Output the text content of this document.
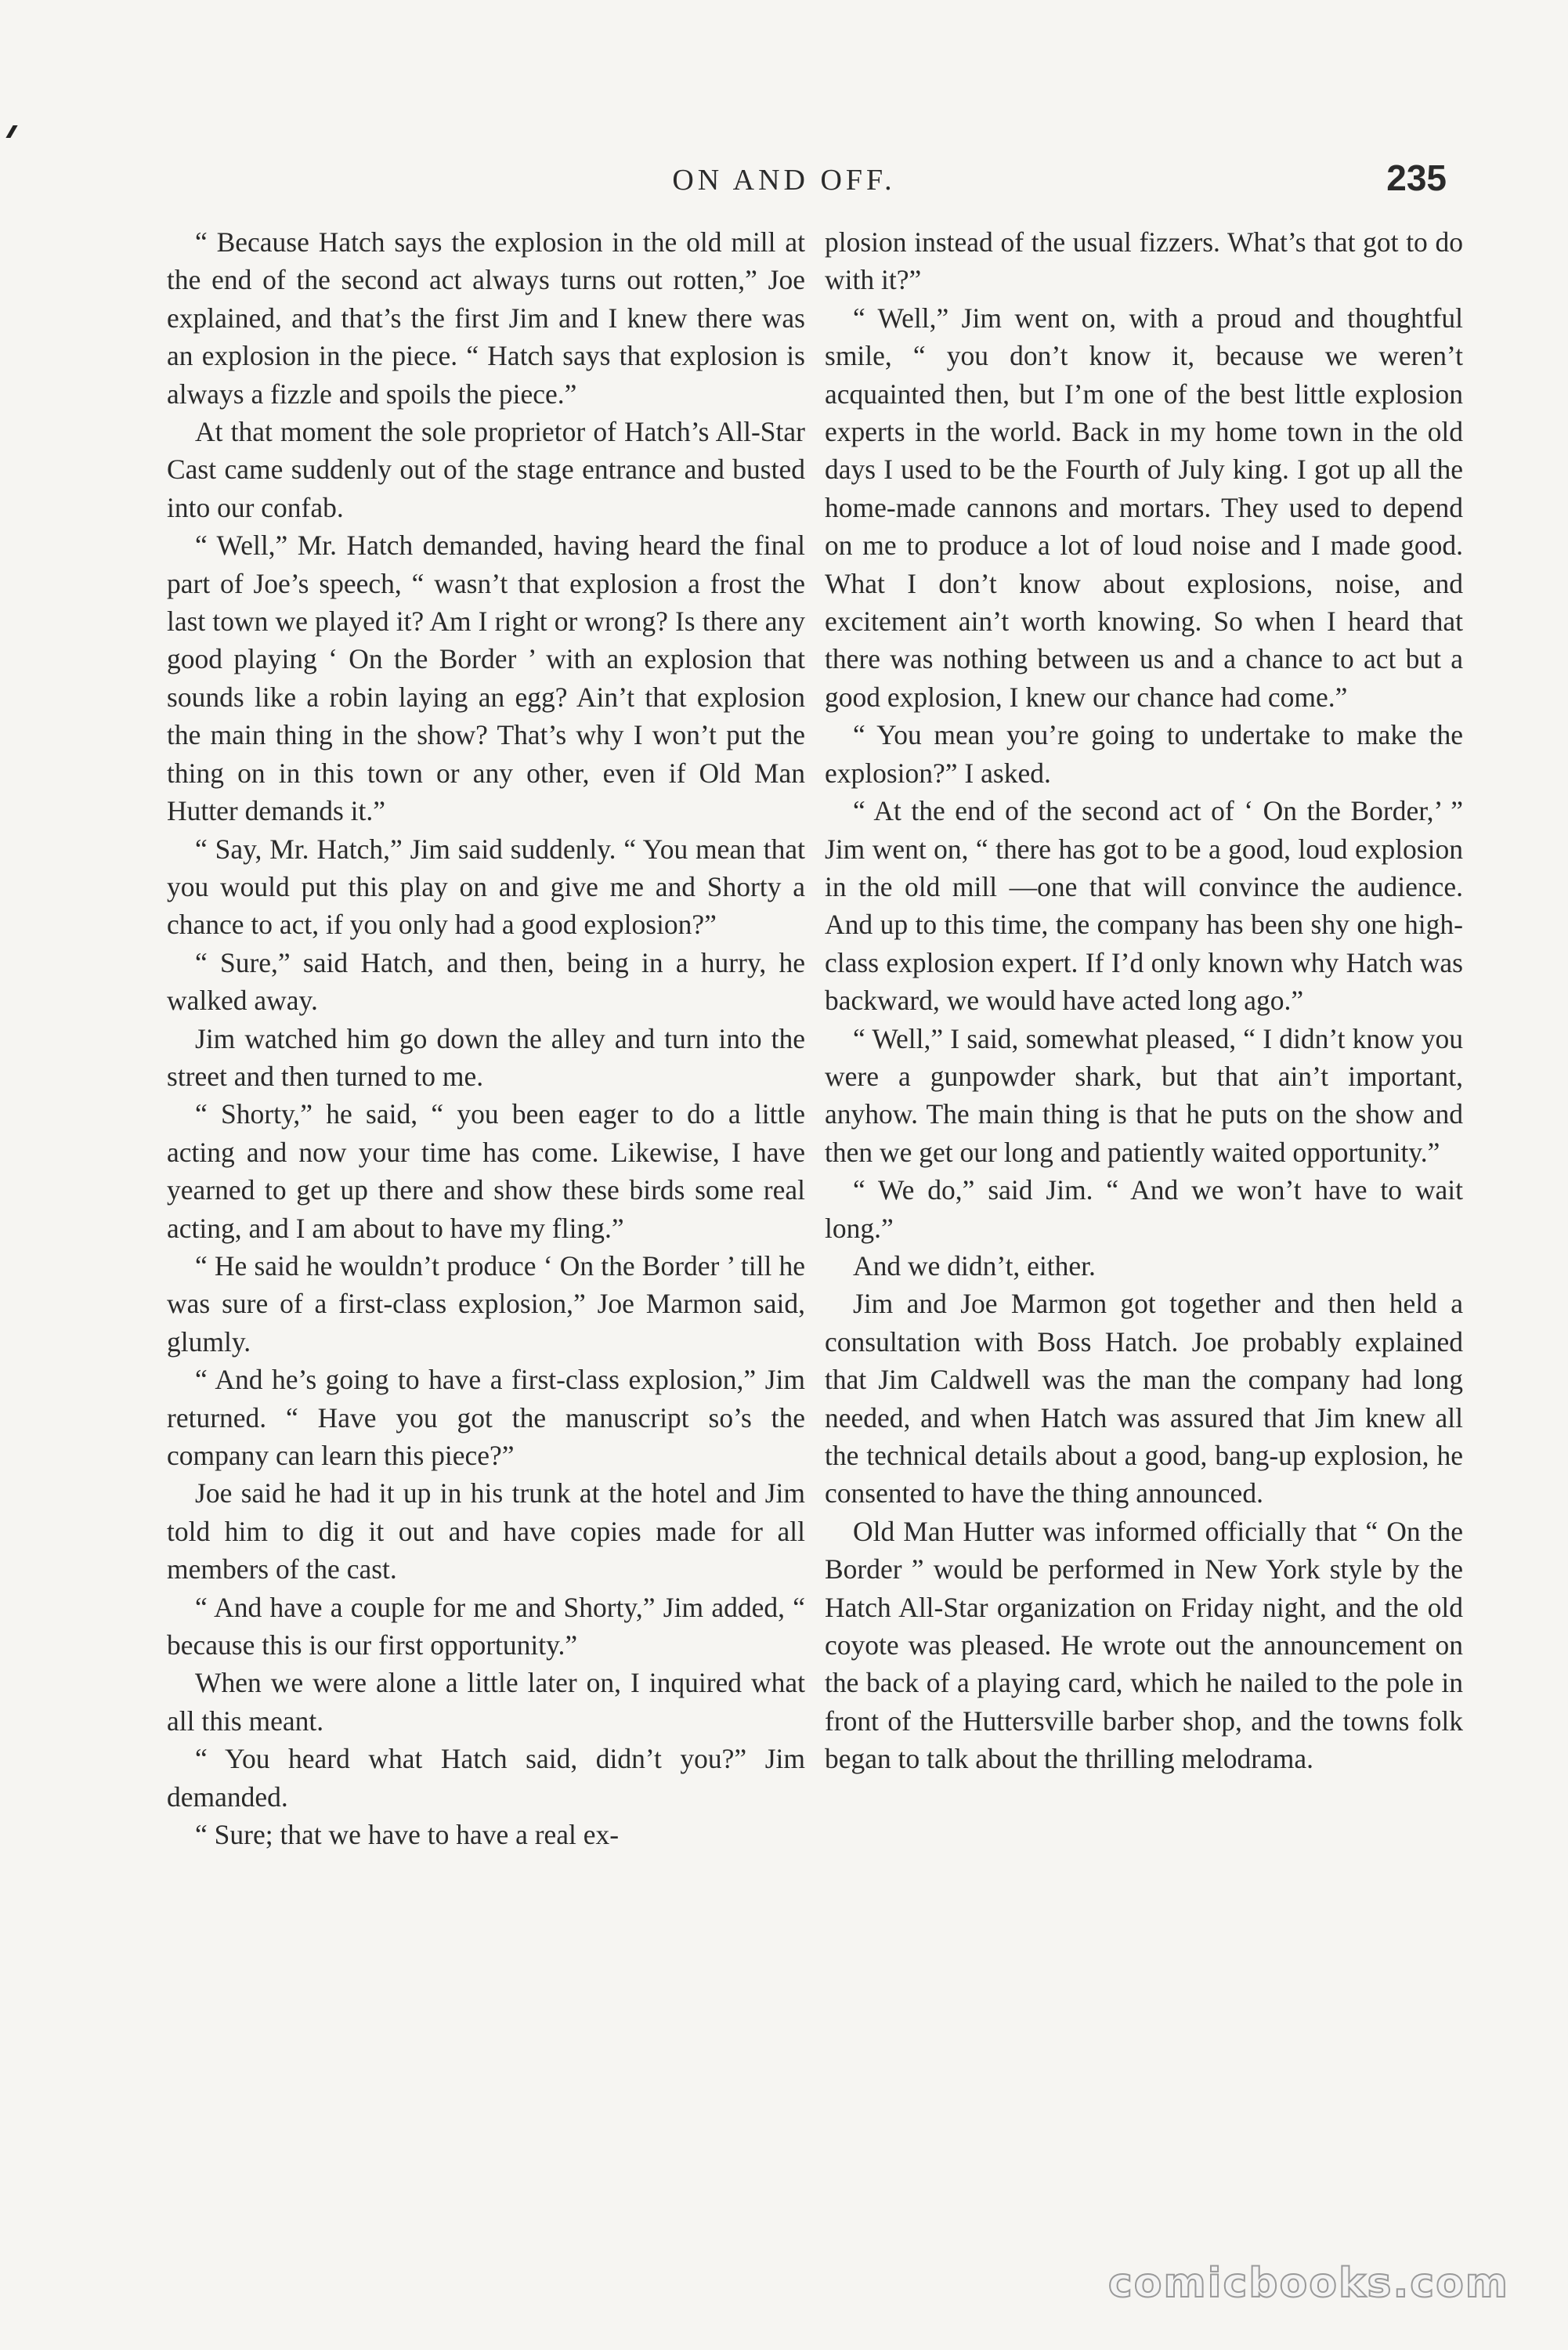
ON AND OFF.	235

“ Because Hatch says the explosion in the old mill at the end of the second act always turns out rotten,” Joe explained, and that’s the first Jim and I knew there was an explosion in the piece. “ Hatch says that explosion is always a fizzle and spoils the piece.”

At that moment the sole proprietor of Hatch’s All-Star Cast came suddenly out of the stage entrance and busted into our confab.

“ Well,” Mr. Hatch demanded, having heard the final part of Joe’s speech, “ wasn’t that explosion a frost the last town we played it? Am I right or wrong? Is there any good playing ‘ On the Border ’ with an explosion that sounds like a robin laying an egg? Ain’t that explosion the main thing in the show? That’s why I won’t put the thing on in this town or any other, even if Old Man Hutter demands it.”

“ Say, Mr. Hatch,” Jim said suddenly. “ You mean that you would put this play on and give me and Shorty a chance to act, if you only had a good explosion?”

“ Sure,” said Hatch, and then, being in a hurry, he walked away.

Jim watched him go down the alley and turn into the street and then turned to me.

“ Shorty,” he said, “ you been eager to do a little acting and now your time has come. Likewise, I have yearned to get up there and show these birds some real acting, and I am about to have my fling.”

“ He said he wouldn’t produce ‘ On the Border ’ till he was sure of a first-class explosion,” Joe Marmon said, glumly.

“ And he’s going to have a first-class explosion,” Jim returned. “ Have you got the manuscript so’s the company can learn this piece?”

Joe said he had it up in his trunk at the hotel and Jim told him to dig it out and have copies made for all members of the cast.

“ And have a couple for me and Shorty,” Jim added, “ because this is our first opportunity.”

When we were alone a little later on, I inquired what all this meant.

“ You heard what Hatch said, didn’t you?” Jim demanded.

“ Sure; that we have to have a real ex-

plosion instead of the usual fizzers. What’s that got to do with it?”

“ Well,” Jim went on, with a proud and thoughtful smile, “ you don’t know it, because we weren’t acquainted then, but I’m one of the best little explosion experts in the world. Back in my home town in the old days I used to be the Fourth of July king. I got up all the home-made cannons and mortars. They used to depend on me to produce a lot of loud noise and I made good. What I don’t know about explosions, noise, and excitement ain’t worth knowing. So when I heard that there was nothing between us and a chance to act but a good explosion, I knew our chance had come.”

“ You mean you’re going to undertake to make the explosion?” I asked.

“ At the end of the second act of ‘ On the Border,’ ” Jim went on, “ there has got to be a good, loud explosion in the old mill —one that will convince the audience. And up to this time, the company has been shy one high-class explosion expert. If I’d only known why Hatch was backward, we would have acted long ago.”

“ Well,” I said, somewhat pleased, “ I didn’t know you were a gunpowder shark, but that ain’t important, anyhow. The main thing is that he puts on the show and then we get our long and patiently waited opportunity.”

“ We do,” said Jim. “ And we won’t have to wait long.”

And we didn’t, either.

Jim and Joe Marmon got together and then held a consultation with Boss Hatch. Joe probably explained that Jim Caldwell was the man the company had long needed, and when Hatch was assured that Jim knew all the technical details about a good, bang-up explosion, he consented to have the thing announced.

Old Man Hutter was informed officially that “ On the Border ” would be performed in New York style by the Hatch All-Star organization on Friday night, and the old coyote was pleased. He wrote out the announcement on the back of a playing card, which he nailed to the pole in front of the Huttersville barber shop, and the towns folk began to talk about the thrilling melodrama.

comicbooks.com
